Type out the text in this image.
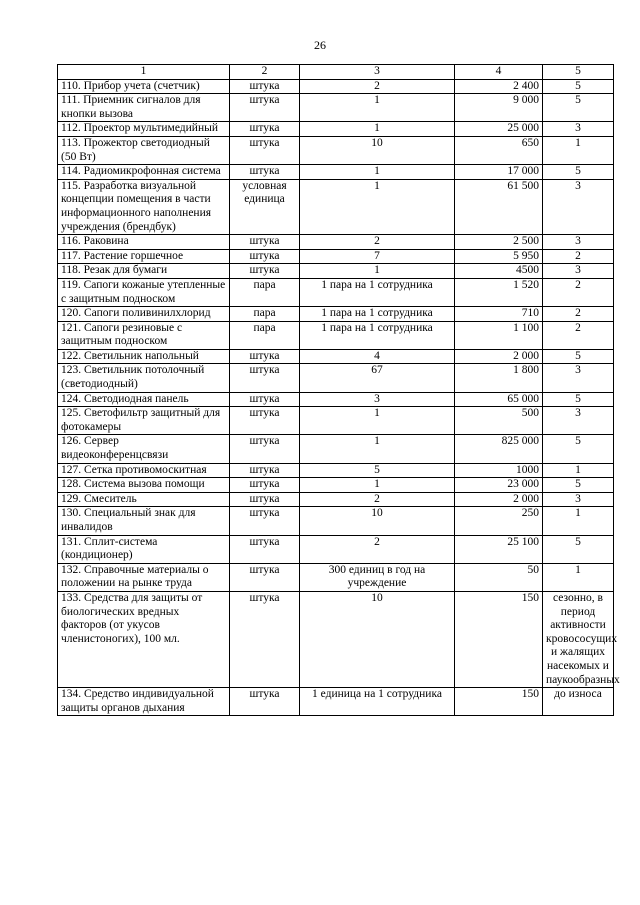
26
1	2	3	4	5
110. Прибор учета (счетчик)	штука	2	2 400	5
111. Приемник сигналов для кнопки вызова	штука	1	9 000	5
112. Проектор мультимедийный	штука	1	25 000	3
113. Прожектор светодиодный (50 Вт)	штука	10	650	1
114. Радиомикрофонная система	штука	1	17 000	5
115. Разработка визуальной концепции помещения в части информационного наполнения учреждения (брендбук)	условная единица	1	61 500	3
116. Раковина	штука	2	2 500	3
117. Растение горшечное	штука	7	5 950	2
118. Резак для бумаги	штука	1	4500	3
119. Сапоги кожаные утепленные с защитным подноском	пара	1 пара на 1 сотрудника	1 520	2
120. Сапоги поливинилхлорид	пара	1 пара на 1 сотрудника	710	2
121. Сапоги резиновые с защитным подноском	пара	1 пара на 1 сотрудника	1 100	2
122. Светильник напольный	штука	4	2 000	5
123. Светильник потолочный (светодиодный)	штука	67	1 800	3
124. Светодиодная панель	штука	3	65 000	5
125. Светофильтр защитный для фотокамеры	штука	1	500	3
126. Сервер видеоконференцсвязи	штука	1	825 000	5
127. Сетка противомоскитная	штука	5	1000	1
128. Система вызова помощи	штука	1	23 000	5
129. Смеситель	штука	2	2 000	3
130. Специальный знак для инвалидов	штука	10	250	1
131. Сплит-система (кондиционер)	штука	2	25 100	5
132. Справочные материалы о положении на рынке труда	штука	300 единиц в год на учреждение	50	1
133. Средства для защиты от биологических вредных факторов (от укусов членистоногих), 100 мл.	штука	10	150	сезонно, в период активности кровососущих и жалящих насекомых и паукообразных
134. Средство индивидуальной защиты органов дыхания	штука	1 единица на 1 сотрудника	150	до износа
